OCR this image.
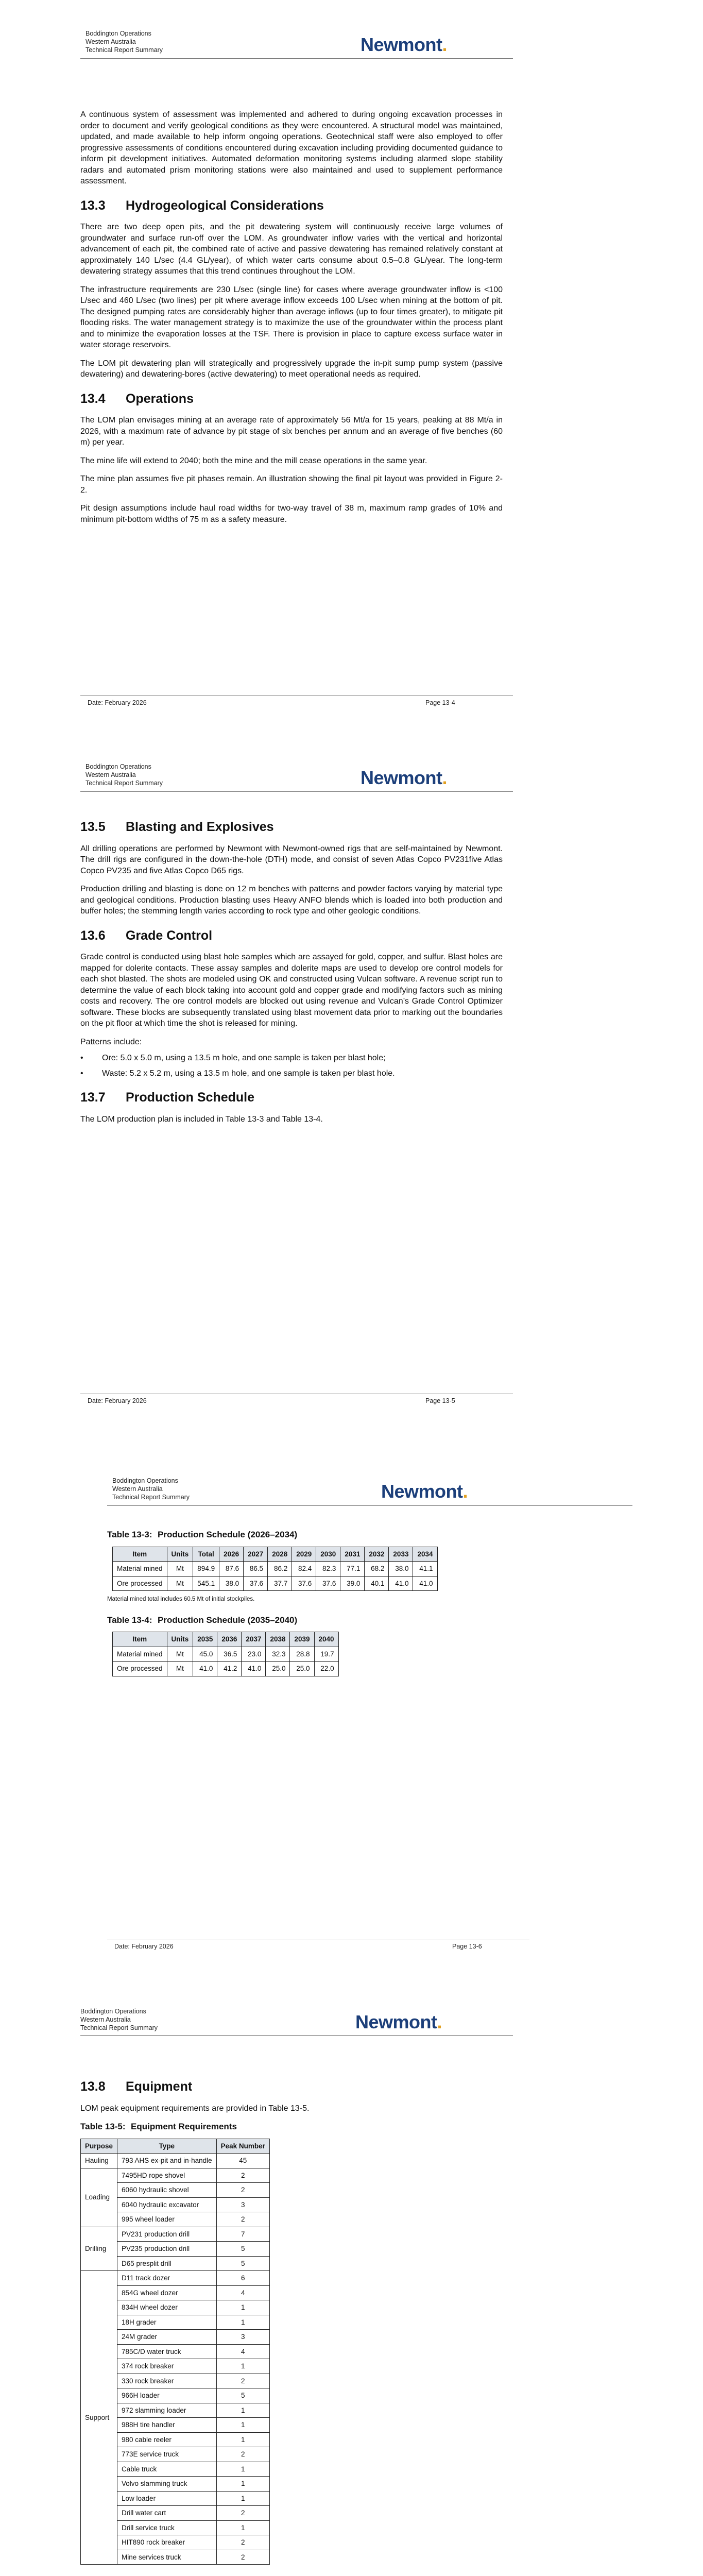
Boddington Operations
Western Australia
Technical Report Summary	Newmont.

A continuous system of assessment was implemented and adhered to during ongoing excavation processes in order to document and verify geological conditions as they were encountered. A structural model was maintained, updated, and made available to help inform ongoing operations. Geotechnical staff were also employed to offer progressive assessments of conditions encountered during excavation including providing documented guidance to inform pit development initiatives. Automated deformation monitoring systems including alarmed slope stability radars and automated prism monitoring stations were also maintained and used to supplement performance assessment.

13.3 Hydrogeological Considerations

There are two deep open pits, and the pit dewatering system will continuously receive large volumes of groundwater and surface run-off over the LOM. As groundwater inflow varies with the vertical and horizontal advancement of each pit, the combined rate of active and passive dewatering has remained relatively constant at approximately 140 L/sec (4.4 GL/year), of which water carts consume about 0.5–0.8 GL/year. The long-term dewatering strategy assumes that this trend continues throughout the LOM.

The infrastructure requirements are 230 L/sec (single line) for cases where average groundwater inflow is <100 L/sec and 460 L/sec (two lines) per pit where average inflow exceeds 100 L/sec when mining at the bottom of pit. The designed pumping rates are considerably higher than average inflows (up to four times greater), to mitigate pit flooding risks. The water management strategy is to maximize the use of the groundwater within the process plant and to minimize the evaporation losses at the TSF. There is provision in place to capture excess surface water in water storage reservoirs.

The LOM pit dewatering plan will strategically and progressively upgrade the in-pit sump pump system (passive dewatering) and dewatering-bores (active dewatering) to meet operational needs as required.

13.4 Operations

The LOM plan envisages mining at an average rate of approximately 56 Mt/a for 15 years, peaking at 88 Mt/a in 2026, with a maximum rate of advance by pit stage of six benches per annum and an average of five benches (60 m) per year.

The mine life will extend to 2040; both the mine and the mill cease operations in the same year.

The mine plan assumes five pit phases remain. An illustration showing the final pit layout was provided in Figure 2-2.

Pit design assumptions include haul road widths for two-way travel of 38 m, maximum ramp grades of 10% and minimum pit-bottom widths of 75 m as a safety measure.

Date: February 2026	Page 13-4
Boddington Operations
Western Australia
Technical Report Summary	Newmont.
13.5 Blasting and Explosives

All drilling operations are performed by Newmont with Newmont-owned rigs that are self-maintained by Newmont. The drill rigs are configured in the down-the-hole (DTH) mode, and consist of seven Atlas Copco PV231five Atlas Copco PV235 and five Atlas Copco D65 rigs.

Production drilling and blasting is done on 12 m benches with patterns and powder factors varying by material type and geological conditions. Production blasting uses Heavy ANFO blends which is loaded into both production and buffer holes; the stemming length varies according to rock type and other geologic conditions.

13.6 Grade Control

Grade control is conducted using blast hole samples which are assayed for gold, copper, and sulfur. Blast holes are mapped for dolerite contacts. These assay samples and dolerite maps are used to develop ore control models for each shot blasted. The shots are modeled using OK and constructed using Vulcan software. A revenue script run to determine the value of each block taking into account gold and copper grade and modifying factors such as mining costs and recovery. The ore control models are blocked out using revenue and Vulcan’s Grade Control Optimizer software. These blocks are subsequently translated using blast movement data prior to marking out the boundaries on the pit floor at which time the shot is released for mining.

Patterns include:

• Ore: 5.0 x 5.0 m, using a 13.5 m hole, and one sample is taken per blast hole;
• Waste: 5.2 x 5.2 m, using a 13.5 m hole, and one sample is taken per blast hole.
13.7 Production Schedule

The LOM production plan is included in Table 13-3 and Table 13-4.

Date: February 2026	Page 13-5
Boddington Operations
Western Australia
Technical Report Summary	Newmont.
Table 13-3: Production Schedule (2026–2034)
Item	Units	Total	2026	2027	2028	2029	2030	2031	2032	2033	2034
Material mined	Mt	894.9	87.6	86.5	86.2	82.4	82.3	77.1	68.2	38.0	41.1
Ore processed	Mt	545.1	38.0	37.6	37.7	37.6	37.6	39.0	40.1	41.0	41.0
Material mined total includes 60.5 Mt of initial stockpiles.
Table 13-4: Production Schedule (2035–2040)
Item	Units	2035	2036	2037	2038	2039	2040
Material mined	Mt	45.0	36.5	23.0	32.3	28.8	19.7
Ore processed	Mt	41.0	41.2	41.0	25.0	25.0	22.0
Date: February 2026	Page 13-6
Boddington Operations
Western Australia
Technical Report Summary	Newmont.
13.8 Equipment

LOM peak equipment requirements are provided in Table 13-5.

Table 13-5: Equipment Requirements
Purpose	Type	Peak Number
Hauling	793 AHS ex-pit and in-handle	45
Loading	7495HD rope shovel	2
	6060 hydraulic shovel	2
	6040 hydraulic excavator	3
	995 wheel loader	2
Drilling	PV231 production drill	7
	PV235 production drill	5
	D65 presplit drill	5
Support	D11 track dozer	6
	854G wheel dozer	4
	834H wheel dozer	1
	18H grader	1
	24M grader	3
	785C/D water truck	4
	374 rock breaker	1
	330 rock breaker	2
	966H loader	5
	972 slamming loader	1
	988H tire handler	1
	980 cable reeler	1
	773E service truck	2
	Cable truck	1
	Volvo slamming truck	1
	Low loader	1
	Drill water cart	2
	Drill service truck	1
	HIT890 rock breaker	2
	Mine services truck	2
